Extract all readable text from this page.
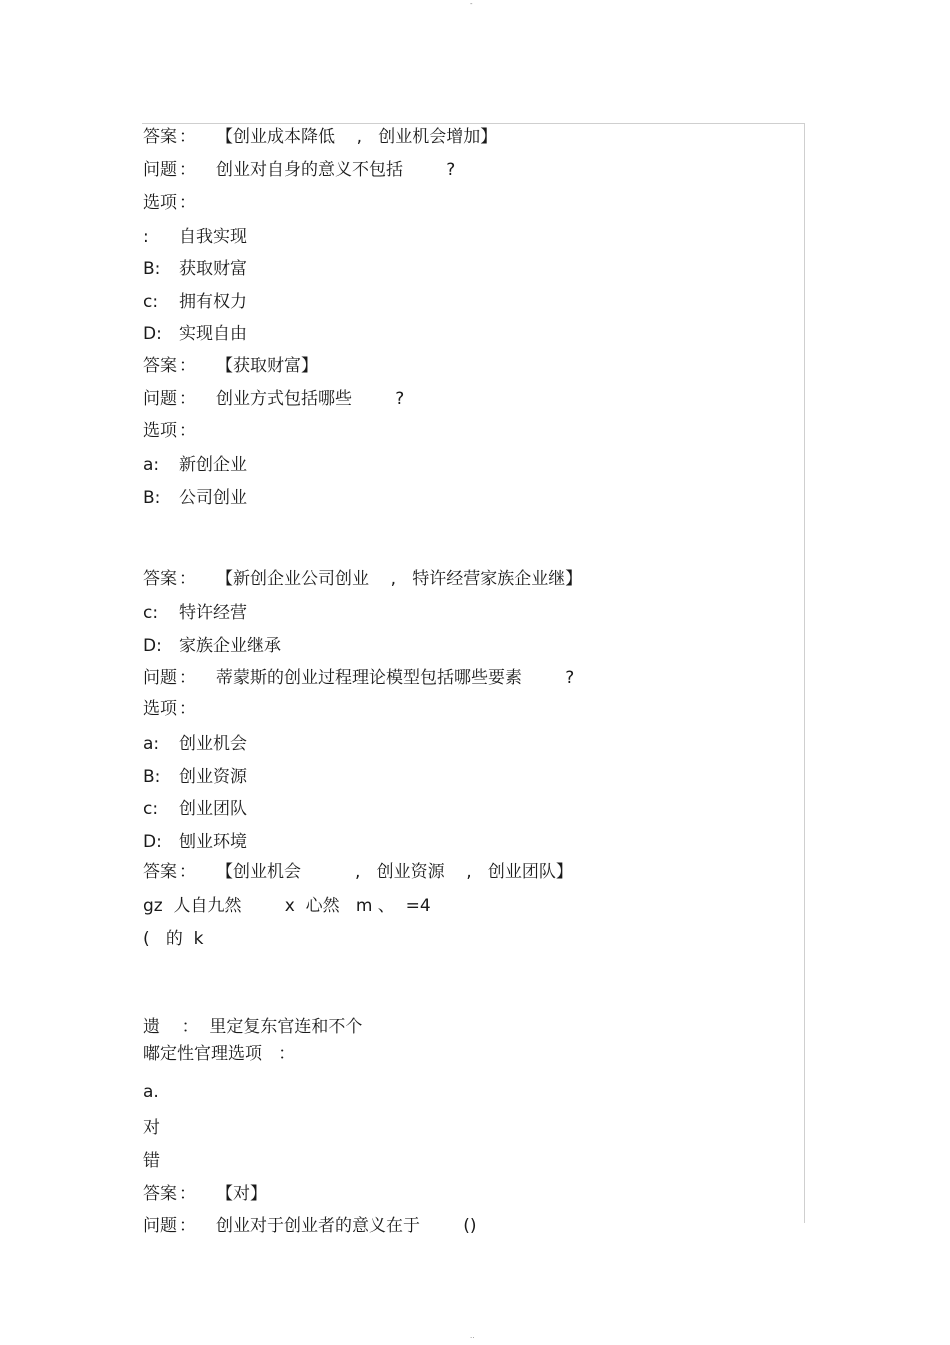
-
..
答案 ： 【创业成本降低    ,   创业机会增加】
问题 ： 创业对自身的意义不包括        ?
选项 ：
: 自我实现
B: 获取财富
c: 拥有权力
D: 实现自由
答案 ： 【获取财富】
问题 ： 创业方式包括哪些        ?
选项 ：
a: 新创企业
B: 公司创业
答案 ： 【新创企业公司创业    ,   特许经营家族企业继】
c: 特许经营
D: 家族企业继承
问题 ： 蒂蒙斯的创业过程理论模型包括哪些要素        ?
选项 ：
a: 创业机会
B: 创业资源
c: 创业团队
D: 刨业环境
答案 ： 【创业机会          ,   创业资源    ,   创业团队】
gz  人自九然        x  心然   m 、  =4
(   的  k
遗    ：  里定复东官连和不个
嘟定性官理选项   ：
a.
对
错
答案 ： 【对】
问题 ： 创业对于创业者的意义在于        ()
